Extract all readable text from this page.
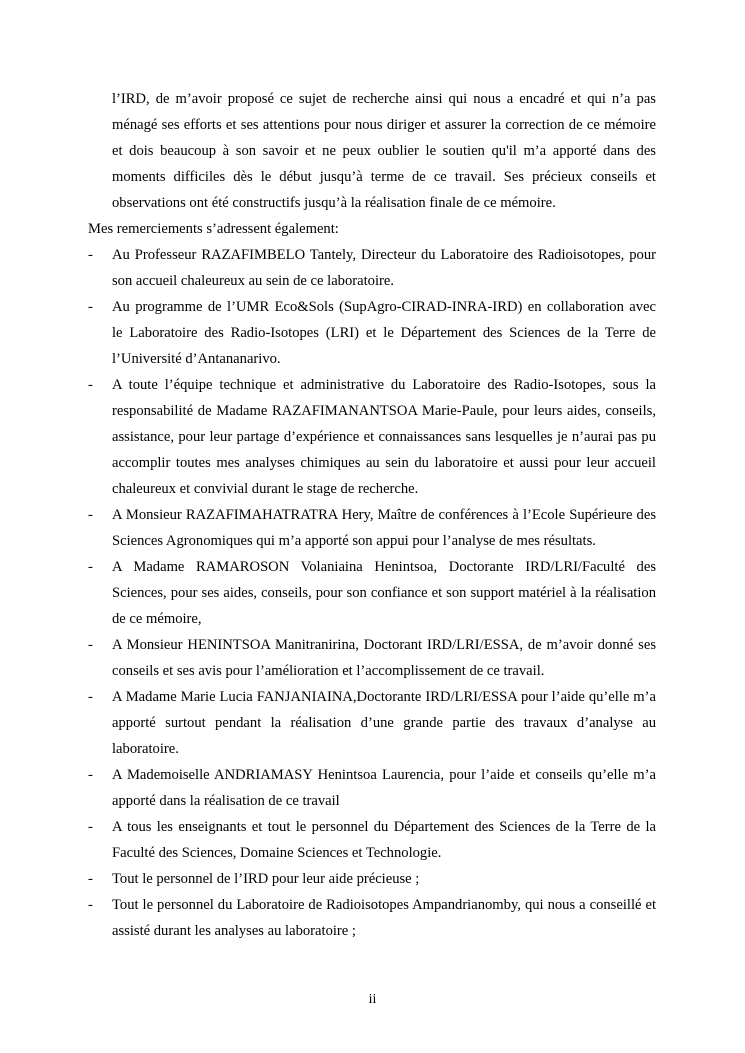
l’IRD, de m’avoir proposé ce sujet de recherche ainsi qui nous a encadré et qui n’a pas ménagé ses efforts et ses attentions pour nous diriger et assurer la correction de ce mémoire et dois beaucoup à son savoir et ne peux oublier le soutien qu'il m’a apporté dans des moments difficiles dès le début jusqu’à terme de ce travail. Ses précieux conseils et observations ont été constructifs jusqu’à la réalisation finale de ce mémoire.

Mes remerciements s’adressent également:

-	Au Professeur RAZAFIMBELO Tantely, Directeur du Laboratoire des Radioisotopes, pour son accueil chaleureux au sein de ce laboratoire.
-	Au programme de l’UMR Eco&Sols (SupAgro-CIRAD-INRA-IRD) en collaboration avec le Laboratoire des Radio-Isotopes (LRI) et le Département des Sciences de la Terre de l’Université d’Antananarivo.
-	A toute l’équipe technique et administrative du Laboratoire des Radio-Isotopes, sous la responsabilité de Madame RAZAFIMANANTSOA Marie-Paule, pour leurs aides, conseils, assistance, pour leur partage d’expérience et connaissances sans lesquelles je n’aurai pas pu accomplir toutes mes analyses chimiques au sein du laboratoire et aussi pour leur accueil chaleureux et convivial durant le stage de recherche.
-	A Monsieur RAZAFIMAHATRATRA Hery, Maître de conférences à l’Ecole Supérieure des Sciences Agronomiques qui m’a apporté son appui pour l’analyse de mes résultats.
-	A Madame RAMAROSON Volaniaina Henintsoa, Doctorante IRD/LRI/Faculté des Sciences, pour ses aides, conseils, pour son confiance et son support matériel à la réalisation de ce mémoire,
-	A Monsieur HENINTSOA Manitranirina, Doctorant IRD/LRI/ESSA, de m’avoir donné ses conseils et ses avis pour l’amélioration et l’accomplissement de ce travail.
-	A Madame Marie Lucia FANJANIAINA,Doctorante IRD/LRI/ESSA pour l’aide qu’elle m’a apporté surtout pendant la réalisation d’une grande partie des travaux d’analyse au laboratoire.
-	A Mademoiselle ANDRIAMASY Henintsoa Laurencia, pour l’aide et conseils qu’elle m’a apporté dans la réalisation de ce travail
-	A tous les enseignants et tout le personnel du Département des Sciences de la Terre de la Faculté des Sciences, Domaine Sciences et Technologie.
-	Tout le personnel de l’IRD pour leur aide précieuse ;
-	Tout le personnel du Laboratoire de Radioisotopes Ampandrianomby, qui nous a conseillé et assisté durant les analyses au laboratoire ;
ii
